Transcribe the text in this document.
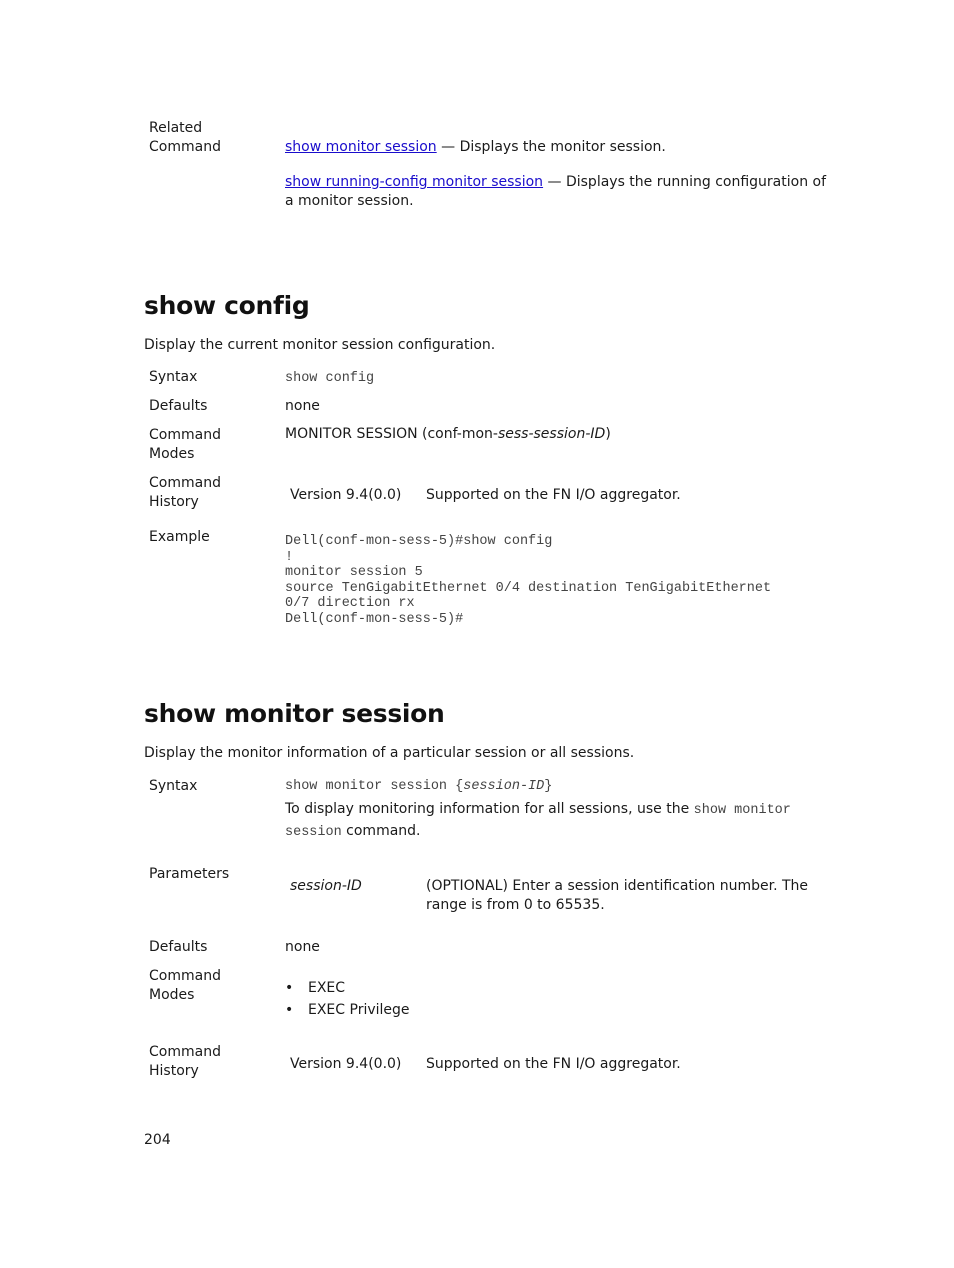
Related
Command	show monitor session — Displays the monitor session.
show running-config monitor session — Displays the running configuration of a monitor session.
show config
Display the current monitor session configuration.
Syntax	show config
Defaults	none
Command
Modes
MONITOR SESSION (conf-mon-sess-session-ID)
Command
History	Version 9.4(0.0)	Supported on the FN I/O aggregator.
Example	Dell(conf-mon-sess-5)#show config
!
monitor session 5
source TenGigabitEthernet 0/4 destination TenGigabitEthernet
0/7 direction rx
Dell(conf-mon-sess-5)#
show monitor session
Display the monitor information of a particular session or all sessions.
Syntax	show monitor session {session-ID}
To display monitoring information for all sessions, use the show monitor
session command.
Parameters
session-ID	(OPTIONAL) Enter a session identification number. The range is from 0 to 65535.
Defaults	none
Command
Modes
•	EXEC
• EXEC Privilege
Command
History	Version 9.4(0.0)	Supported on the FN I/O aggregator.
204
